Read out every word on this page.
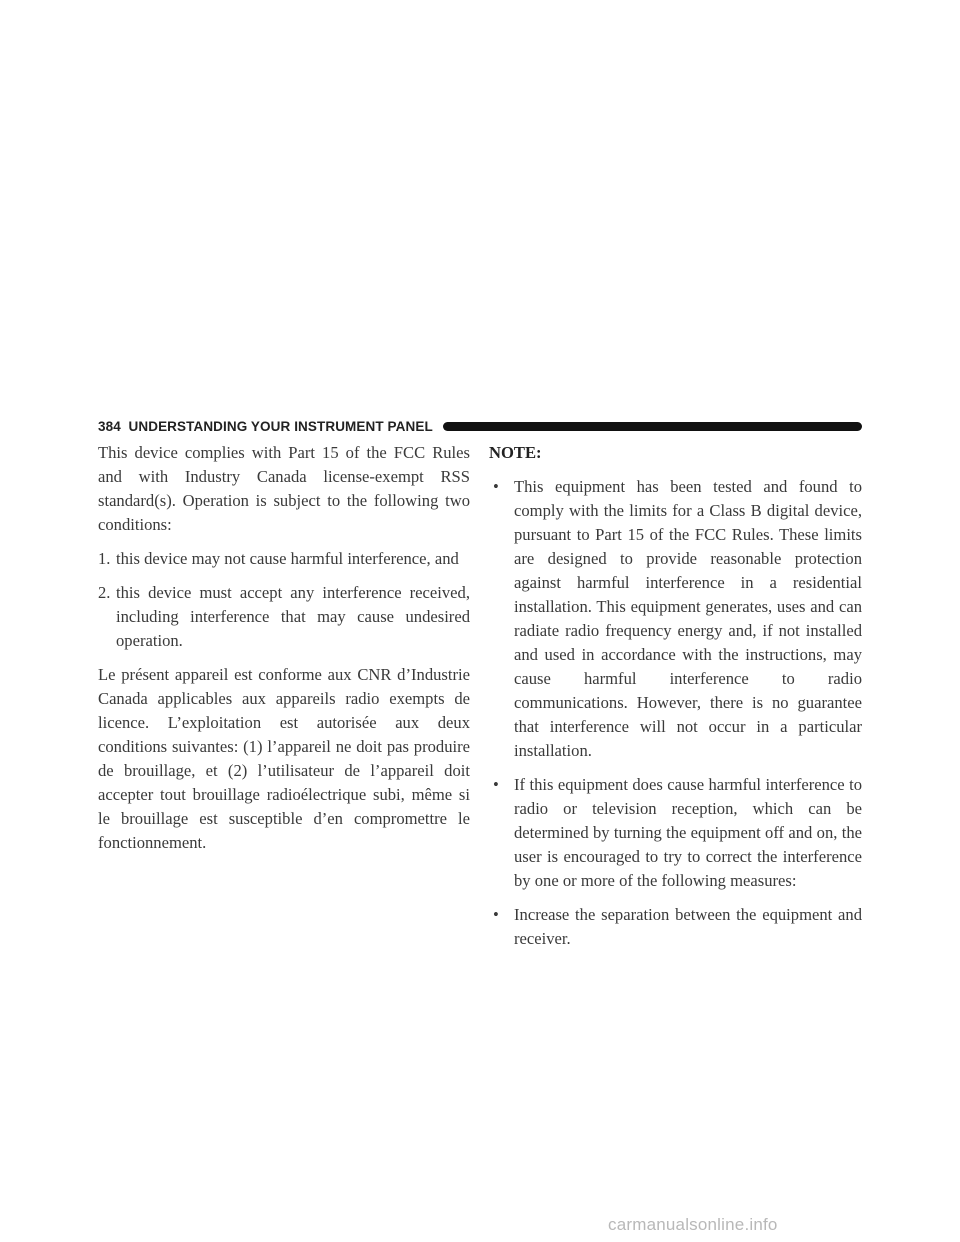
384 UNDERSTANDING YOUR INSTRUMENT PANEL

This device complies with Part 15 of the FCC Rules and with Industry Canada license-exempt RSS standard(s). Operation is subject to the following two conditions:

1. this device may not cause harmful interference, and
2. this device must accept any interference received, including interference that may cause undesired operation.

Le présent appareil est conforme aux CNR d’Industrie Canada applicables aux appareils radio exempts de licence. L’exploitation est autorisée aux deux conditions suivantes: (1) l’appareil ne doit pas produire de brouillage, et (2) l’utilisateur de l’appareil doit accepter tout brouillage radioélectrique subi, même si le brouillage est susceptible d’en compromettre le fonctionnement.

NOTE:
• This equipment has been tested and found to comply with the limits for a Class B digital device, pursuant to Part 15 of the FCC Rules. These limits are designed to provide reasonable protection against harmful interference in a residential installation. This equipment generates, uses and can radiate radio frequency energy and, if not installed and used in accordance with the instructions, may cause harmful interference to radio communications. However, there is no guarantee that interference will not occur in a particular installation.
• If this equipment does cause harmful interference to radio or television reception, which can be determined by turning the equipment off and on, the user is encouraged to try to correct the interference by one or more of the following measures:
• Increase the separation between the equipment and receiver.
carmanualsonline.info
